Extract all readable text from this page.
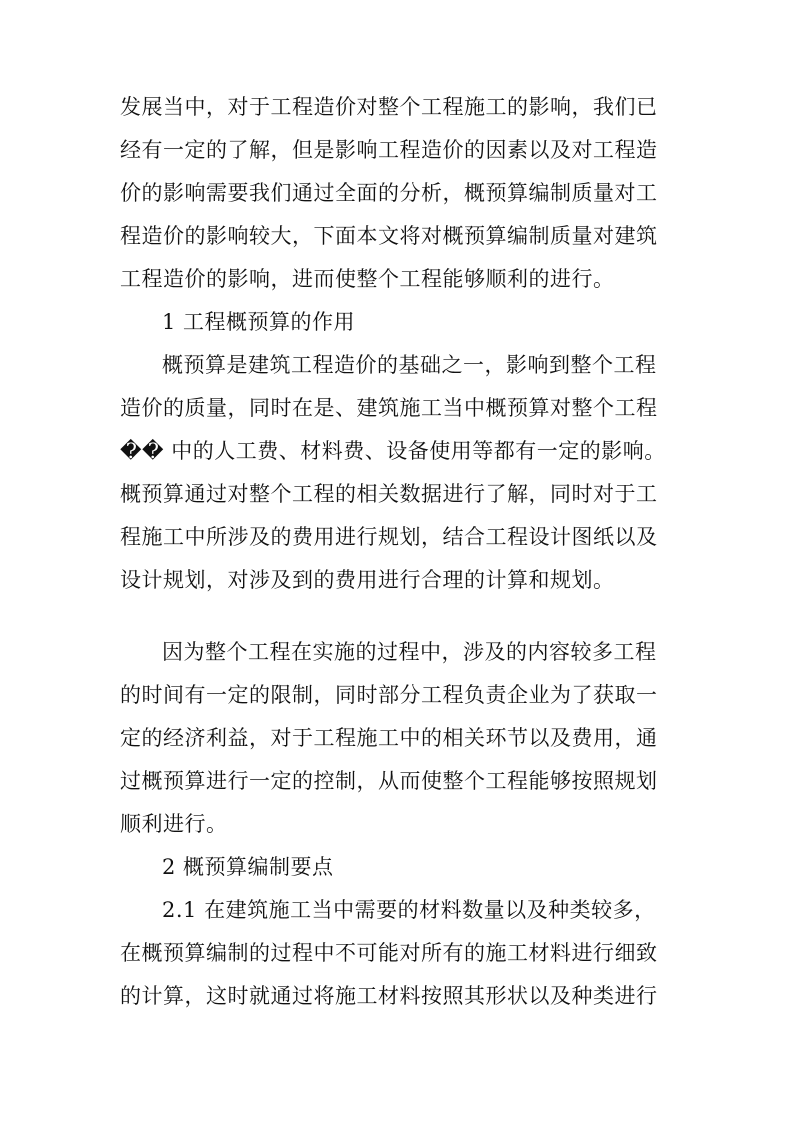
发展当中，对于工程造价对整个工程施工的影响，我们已
经有一定的了解，但是影响工程造价的因素以及对工程造
价的影响需要我们通过全面的分析，概预算编制质量对工
程造价的影响较大，下面本文将对概预算编制质量对建筑
工程造价的影响，进而使整个工程能够顺利的进行。
1 工程概预算的作用
概预算是建筑工程造价的基础之一，影响到整个工程
造价的质量，同时在是、建筑施工当中概预算对整个工程
�� 中的人工费、材料费、设备使用等都有一定的影响。
概预算通过对整个工程的相关数据进行了解，同时对于工
程施工中所涉及的费用进行规划，结合工程设计图纸以及
设计规划，对涉及到的费用进行合理的计算和规划。
因为整个工程在实施的过程中，涉及的内容较多工程
的时间有一定的限制，同时部分工程负责企业为了获取一
定的经济利益，对于工程施工中的相关环节以及费用，通
过概预算进行一定的控制，从而使整个工程能够按照规划
顺利进行。
2 概预算编制要点
2.1 在建筑施工当中需要的材料数量以及种类较多，
在概预算编制的过程中不可能对所有的施工材料进行细致
的计算，这时就通过将施工材料按照其形状以及种类进行
